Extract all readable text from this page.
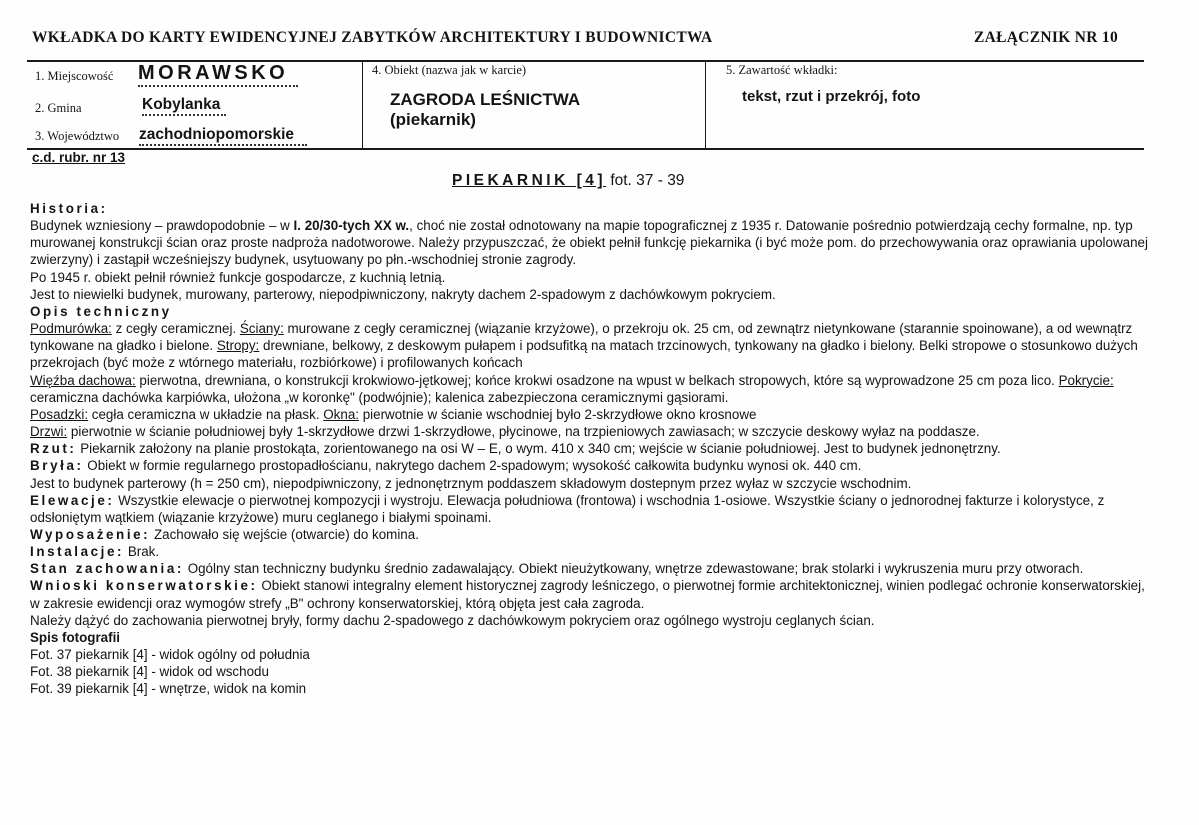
WKŁADKA DO KARTY EWIDENCYJNEJ ZABYTKÓW ARCHITEKTURY I BUDOWNICTWA	ZAŁĄCZNIK NR 10
1. Miejscowość MORAWSKO
2. Gmina	Kobylanka
3. Województwo zachodniopomorskie
4. Obiekt (nazwa jak w karcie)
ZAGRODA LEŚNICTWA
(piekarnik)
5. Zawartość wkładki:
tekst, rzut i przekrój, foto
c.d. rubr. nr 13
PIEKARNIK [4] fot. 37 - 39

Historia:

Budynek wzniesiony – prawdopodobnie – w I. 20/30-tych XX w., choć nie został odnotowany na mapie topograficznej z 1935 r. Datowanie pośrednio potwierdzają cechy formalne, np. typ murowanej konstrukcji ścian oraz proste nadproża nadotworowe. Należy przypuszczać, że obiekt pełnił funkcję piekarnika (i być może pom. do przechowywania oraz oprawiania upolowanej zwierzyny) i zastąpił wcześniejszy budynek, usytuowany po płn.-wschodniej stronie zagrody.

Po 1945 r. obiekt pełnił również funkcje gospodarcze, z kuchnią letnią.

Jest to niewielki budynek, murowany, parterowy, niepodpiwniczony, nakryty dachem 2-spadowym z dachówkowym pokryciem.

Opis techniczny

Podmurówka: z cegły ceramicznej. Ściany: murowane z cegły ceramicznej (wiązanie krzyżowe), o przekroju ok. 25 cm, od zewnątrz nietynkowane (starannie spoinowane), a od wewnątrz tynkowane na gładko i bielone. Stropy: drewniane, belkowy, z deskowym pułapem i podsufitką na matach trzcinowych, tynkowany na gładko i bielony. Belki stropowe o stosunkowo dużych przekrojach (być może z wtórnego materiału, rozbiórkowe) i profilowanych końcach

Więźba dachowa: pierwotna, drewniana, o konstrukcji krokwiowo-jętkowej; końce krokwi osadzone na wpust w belkach stropowych, które są wyprowadzone 25 cm poza lico. Pokrycie: ceramiczna dachówka karpiówka, ułożona „w koronkę" (podwójnie); kalenica zabezpieczona ceramicznymi gąsiorami.

Posadzki: cegła ceramiczna w układzie na płask. Okna: pierwotnie w ścianie wschodniej było 2-skrzydłowe okno krosnowe

Drzwi: pierwotnie w ścianie południowej były 1-skrzydłowe drzwi 1-skrzydłowe, płycinowe, na trzpieniowych zawiasach; w szczycie deskowy wyłaz na poddasze.

Rzut: Piekarnik założony na planie prostokąta, zorientowanego na osi W – E, o wym. 410 x 340 cm; wejście w ścianie południowej. Jest to budynek jednonętrzny.

Bryła: Obiekt w formie regularnego prostopadłościanu, nakrytego dachem 2-spadowym; wysokość całkowita budynku wynosi ok. 440 cm.

Jest to budynek parterowy (h = 250 cm), niepodpiwniczony, z jednonętrznym poddaszem składowym dostepnym przez wyłaz w szczycie wschodnim.

Elewacje: Wszystkie elewacje o pierwotnej kompozycji i wystroju. Elewacja południowa (frontowa) i wschodnia 1-osiowe. Wszystkie ściany o jednorodnej fakturze i kolorystyce, z odsłoniętym wątkiem (wiązanie krzyżowe) muru ceglanego i białymi spoinami.

Wyposażenie: Zachowało się wejście (otwarcie) do komina.

Instalacje: Brak.

Stan zachowania: Ogólny stan techniczny budynku średnio zadawalający. Obiekt nieużytkowany, wnętrze zdewastowane; brak stolarki i wykruszenia muru przy otworach.

Wnioski konserwatorskie: Obiekt stanowi integralny element historycznej zagrody leśniczego, o pierwotnej formie architektonicznej, winien podlegać ochronie konserwatorskiej, w zakresie ewidencji oraz wymogów strefy „B" ochrony konserwatorskiej, którą objęta jest cała zagroda.

Należy dążyć do zachowania pierwotnej bryły, formy dachu 2-spadowego z dachówkowym pokryciem oraz ogólnego wystroju ceglanych ścian.

Spis fotografii

Fot. 37 piekarnik [4] - widok ogólny od południa

Fot. 38 piekarnik [4] - widok od wschodu

Fot. 39 piekarnik [4] - wnętrze, widok na komin
